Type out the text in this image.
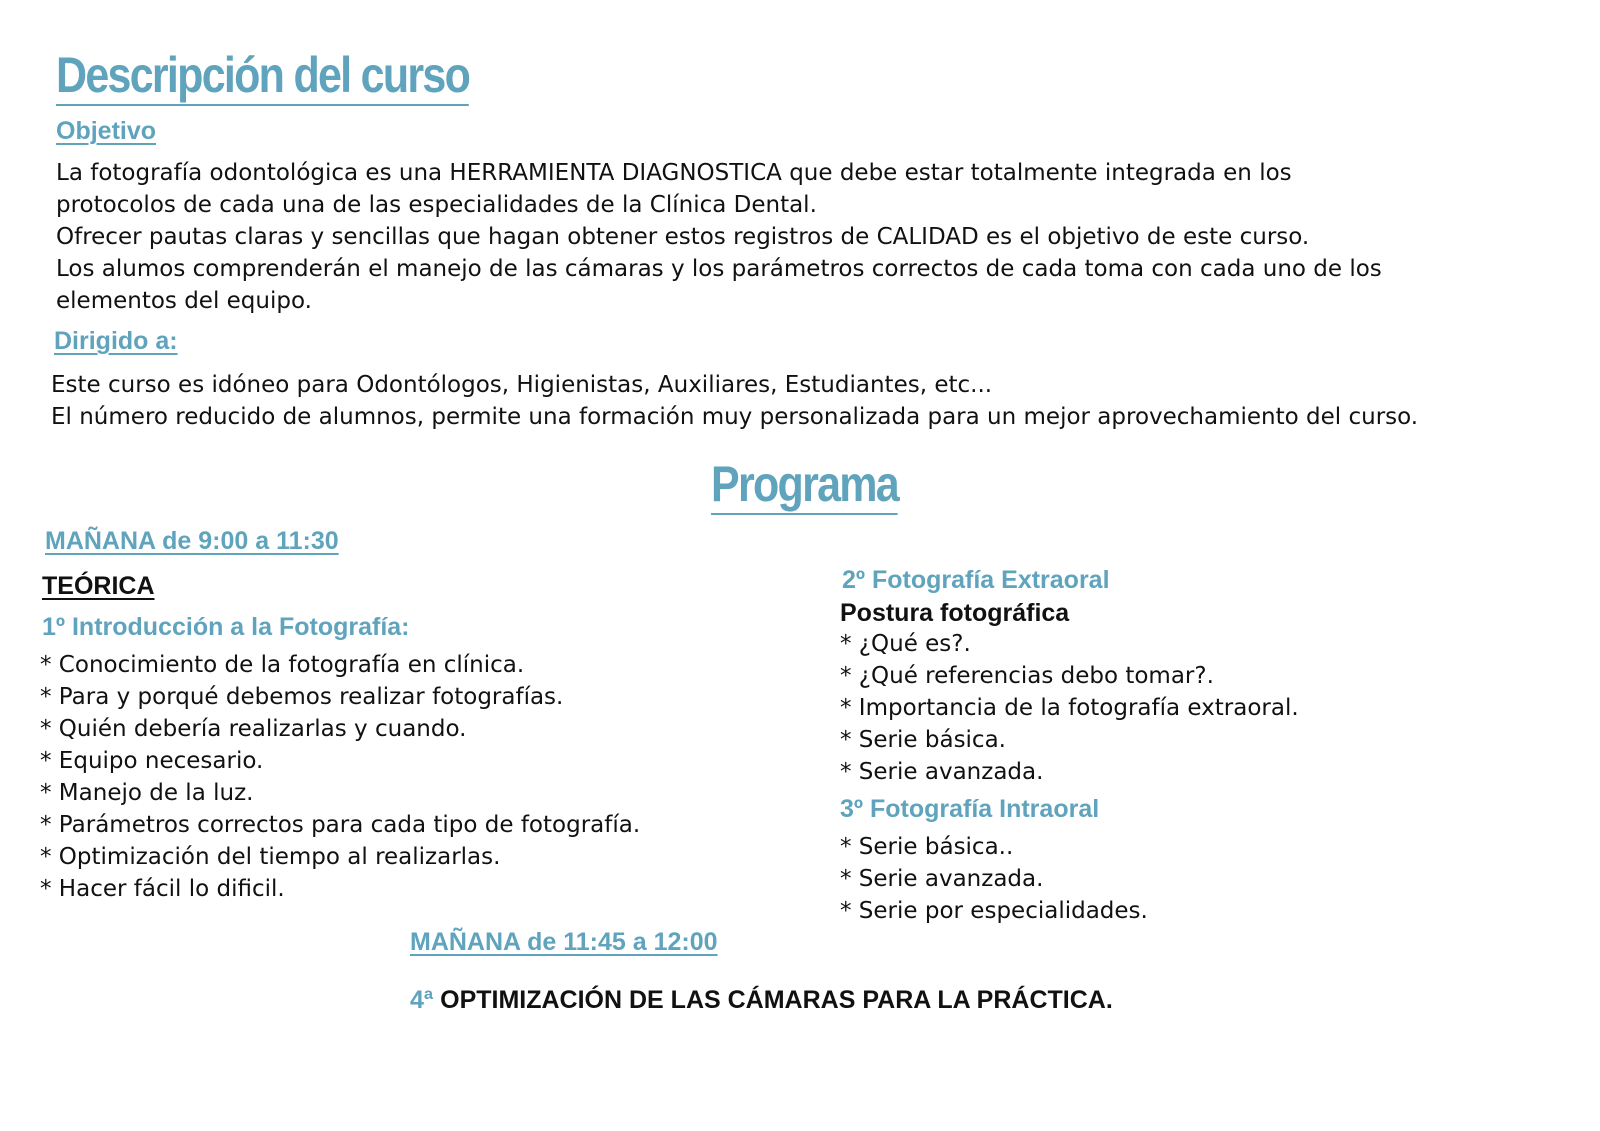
Descripción del curso
Objetivo
La fotografía odontológica es una HERRAMIENTA DIAGNOSTICA que debe estar totalmente integrada en los
protocolos de cada una de las especialidades de la Clínica Dental.
Ofrecer pautas claras y sencillas que hagan obtener estos registros de CALIDAD es el objetivo de este curso.
Los alumos comprenderán el manejo de las cámaras y los parámetros correctos de cada toma con cada uno de los
elementos del equipo.
Dirigido a:
Este curso es idóneo para Odontólogos, Higienistas, Auxiliares, Estudiantes, etc...
El número reducido de alumnos, permite una formación muy personalizada para un mejor aprovechamiento del curso.
Programa
MAÑANA de 9:00 a 11:30
TEÓRICA
1º Introducción a la Fotografía:
* Conocimiento de la fotografía en clínica.
* Para y porqué debemos realizar fotografías.
* Quién debería realizarlas y cuando.
* Equipo necesario.
* Manejo de la luz.
* Parámetros correctos para cada tipo de fotografía.
* Optimización del tiempo al realizarlas.
* Hacer fácil lo dificil.
2º Fotografía Extraoral
Postura fotográfica
* ¿Qué es?.
* ¿Qué referencias debo tomar?.
* Importancia de la fotografía extraoral.
* Serie básica.
* Serie avanzada.
3º Fotografía Intraoral
* Serie básica..
* Serie avanzada.
* Serie por especialidades.
MAÑANA de 11:45 a 12:00
4ª OPTIMIZACIÓN DE LAS CÁMARAS PARA LA PRÁCTICA.
